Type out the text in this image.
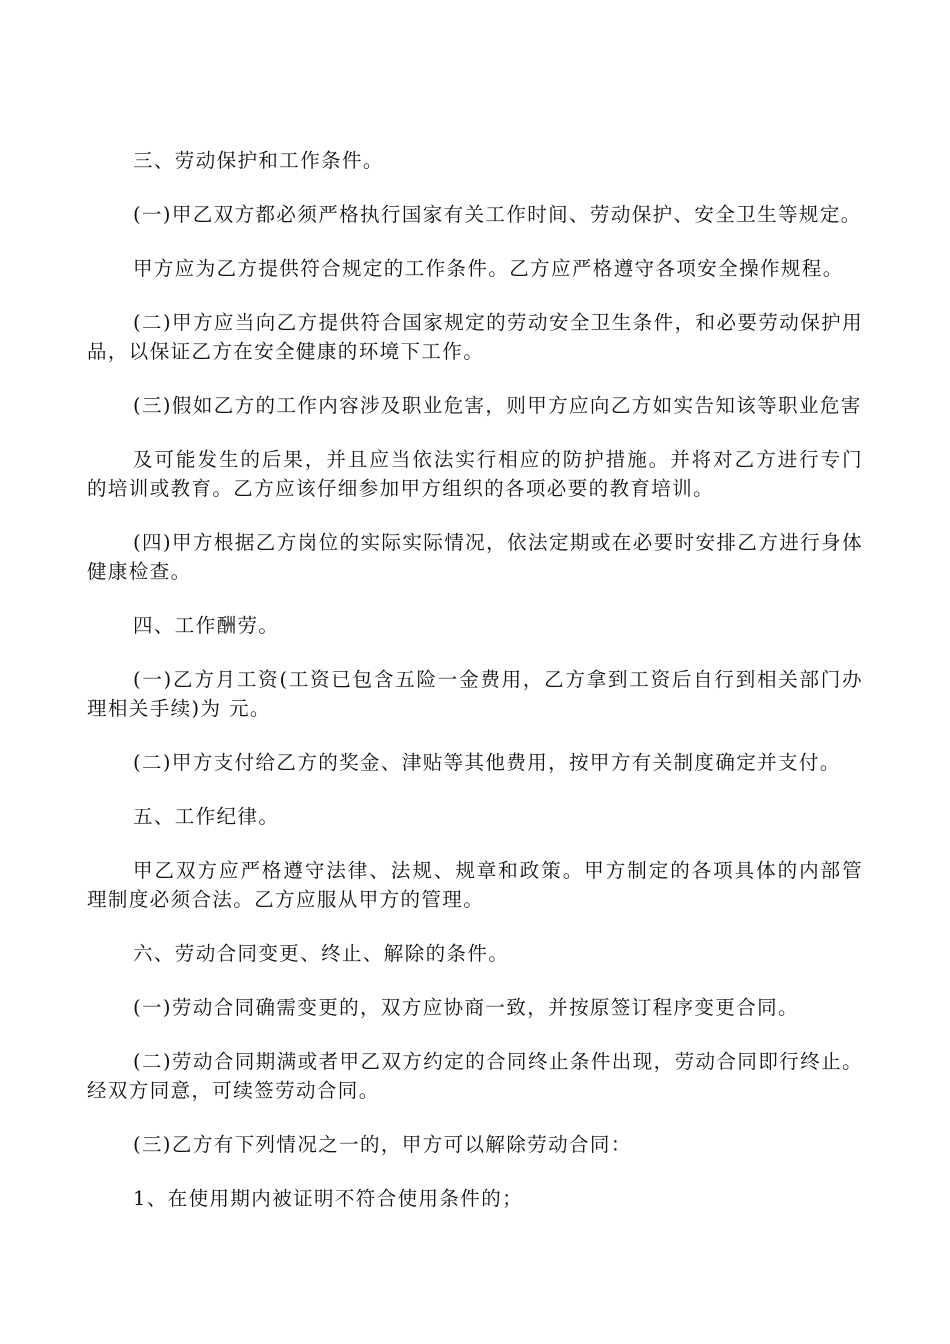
三、劳动保护和工作条件。

(一)甲乙双方都必须严格执行国家有关工作时间、劳动保护、安全卫生等规定。

甲方应为乙方提供符合规定的工作条件。乙方应严格遵守各项安全操作规程。

(二)甲方应当向乙方提供符合国家规定的劳动安全卫生条件，和必要劳动保护用品，以保证乙方在安全健康的环境下工作。

(三)假如乙方的工作内容涉及职业危害，则甲方应向乙方如实告知该等职业危害

及可能发生的后果，并且应当依法实行相应的防护措施。并将对乙方进行专门的培训或教育。乙方应该仔细参加甲方组织的各项必要的教育培训。

(四)甲方根据乙方岗位的实际实际情况，依法定期或在必要时安排乙方进行身体健康检查。

四、工作酬劳。

(一)乙方月工资(工资已包含五险一金费用，乙方拿到工资后自行到相关部门办理相关手续)为 元。

(二)甲方支付给乙方的奖金、津贴等其他费用，按甲方有关制度确定并支付。

五、工作纪律。

甲乙双方应严格遵守法律、法规、规章和政策。甲方制定的各项具体的内部管理制度必须合法。乙方应服从甲方的管理。

六、劳动合同变更、终止、解除的条件。

(一)劳动合同确需变更的，双方应协商一致，并按原签订程序变更合同。

(二)劳动合同期满或者甲乙双方约定的合同终止条件出现，劳动合同即行终止。经双方同意，可续签劳动合同。

(三)乙方有下列情况之一的，甲方可以解除劳动合同：

1、在使用期内被证明不符合使用条件的；
